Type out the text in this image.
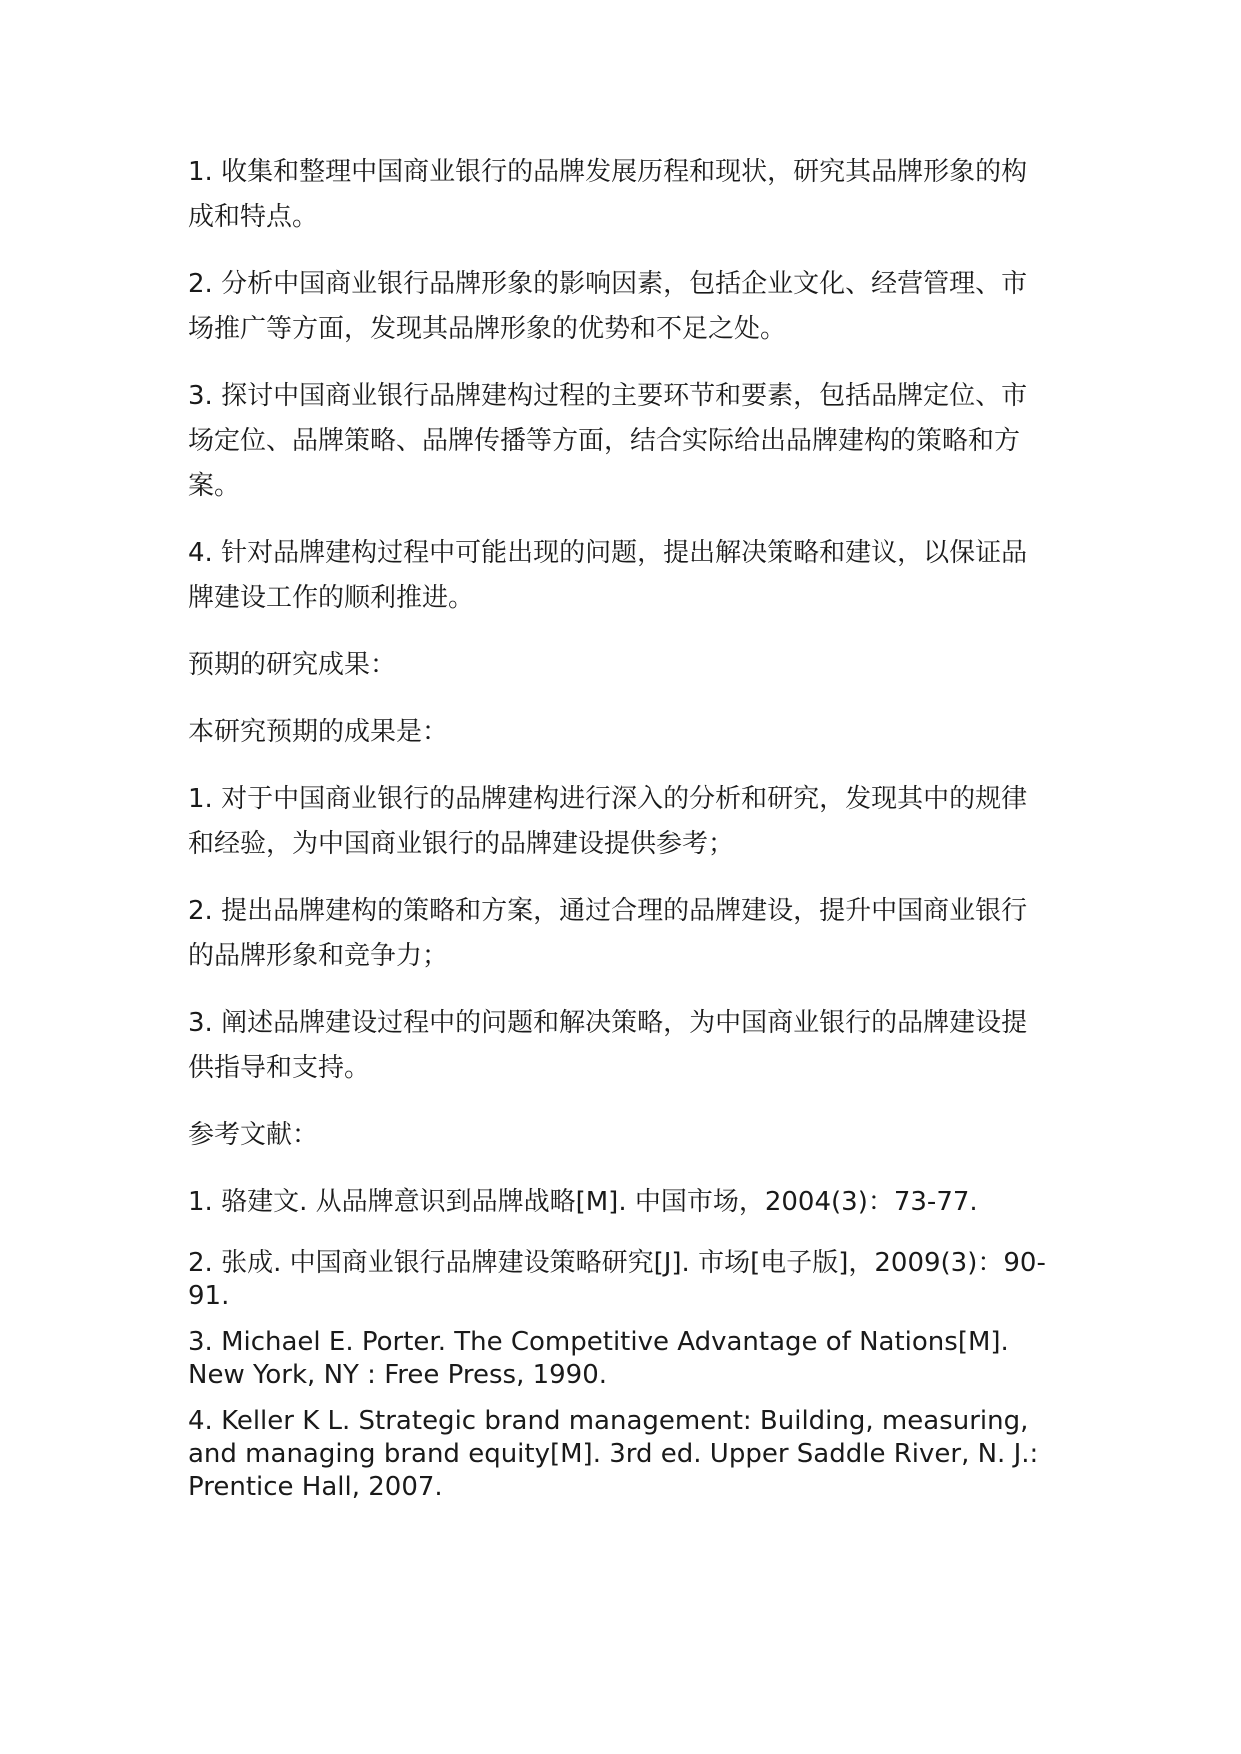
1. 收集和整理中国商业银行的品牌发展历程和现状，研究其品牌形象的构成和特点。

2. 分析中国商业银行品牌形象的影响因素，包括企业文化、经营管理、市场推广等方面，发现其品牌形象的优势和不足之处。

3. 探讨中国商业银行品牌建构过程的主要环节和要素，包括品牌定位、市场定位、品牌策略、品牌传播等方面，结合实际给出品牌建构的策略和方案。

4. 针对品牌建构过程中可能出现的问题，提出解决策略和建议，以保证品牌建设工作的顺利推进。

预期的研究成果：

本研究预期的成果是：

1. 对于中国商业银行的品牌建构进行深入的分析和研究，发现其中的规律和经验，为中国商业银行的品牌建设提供参考；

2. 提出品牌建构的策略和方案，通过合理的品牌建设，提升中国商业银行的品牌形象和竞争力；

3. 阐述品牌建设过程中的问题和解决策略，为中国商业银行的品牌建设提供指导和支持。

参考文献：

1. 骆建文. 从品牌意识到品牌战略[M]. 中国市场，2004(3)：73-77.

2. 张成. 中国商业银行品牌建设策略研究[J]. 市场[电子版]，2009(3)：90-91.

3. Michael E. Porter. The Competitive Advantage of Nations[M]. New York, NY : Free Press, 1990.

4. Keller K L. Strategic brand management: Building, measuring, and managing brand equity[M]. 3rd ed. Upper Saddle River, N. J.: Prentice Hall, 2007.
